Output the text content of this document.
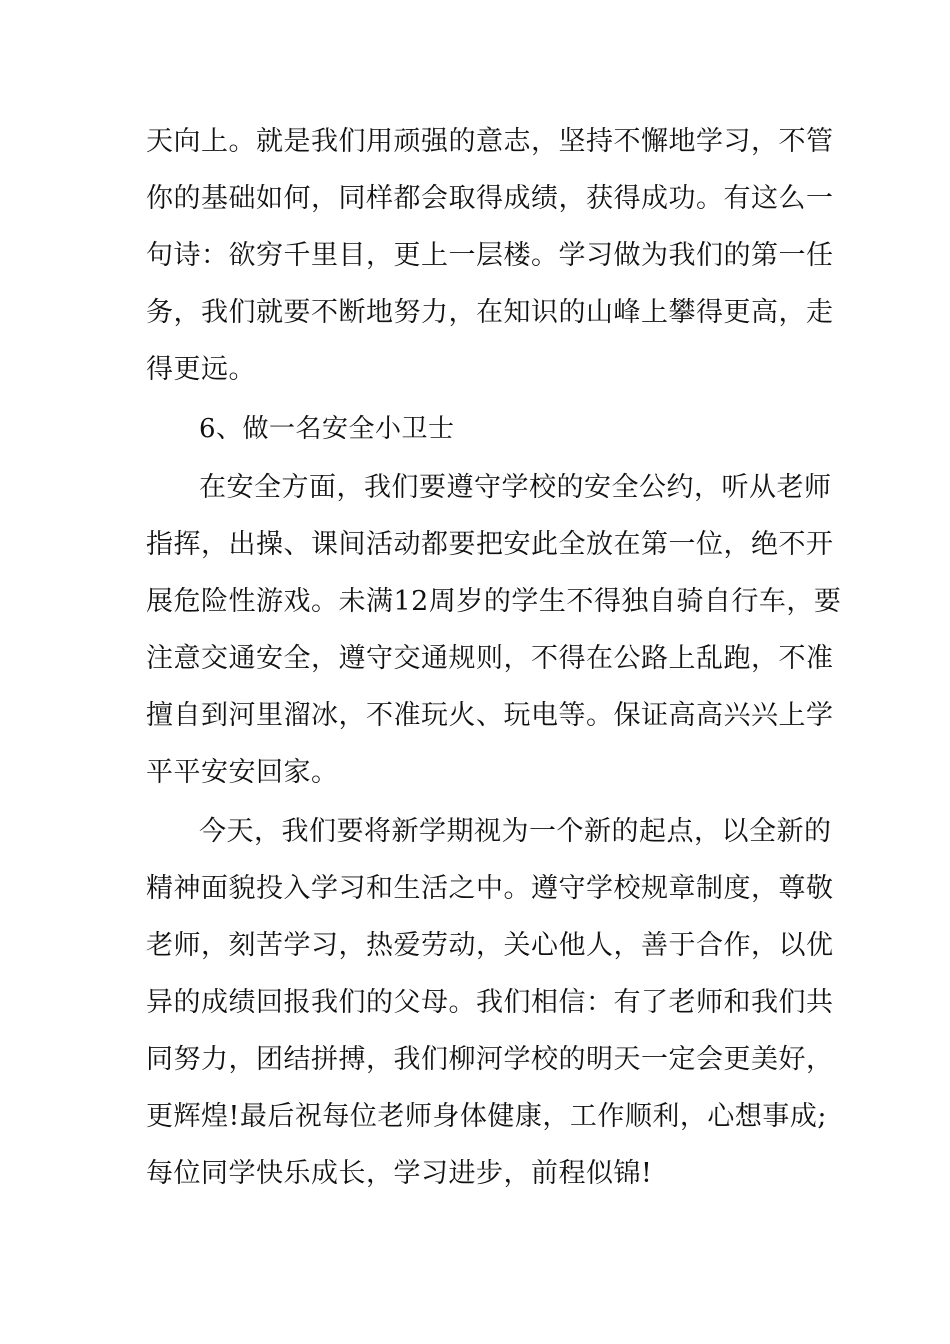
天向上。就是我们用顽强的意志，坚持不懈地学习，不管
你的基础如何，同样都会取得成绩，获得成功。有这么一
句诗：欲穷千里目，更上一层楼。学习做为我们的第一任
务，我们就要不断地努力，在知识的山峰上攀得更高，走
得更远。
6、做一名安全小卫士
在安全方面，我们要遵守学校的安全公约，听从老师
指挥，出操、课间活动都要把安此全放在第一位，绝不开
展危险性游戏。未满12周岁的学生不得独自骑自行车，要
注意交通安全，遵守交通规则，不得在公路上乱跑，不准
擅自到河里溜冰，不准玩火、玩电等。保证高高兴兴上学
平平安安回家。
今天，我们要将新学期视为一个新的起点，以全新的
精神面貌投入学习和生活之中。遵守学校规章制度，尊敬
老师，刻苦学习，热爱劳动，关心他人，善于合作，以优
异的成绩回报我们的父母。我们相信：有了老师和我们共
同努力，团结拼搏，我们柳河学校的明天一定会更美好，
更辉煌!最后祝每位老师身体健康，工作顺利，心想事成;
每位同学快乐成长，学习进步，前程似锦!
